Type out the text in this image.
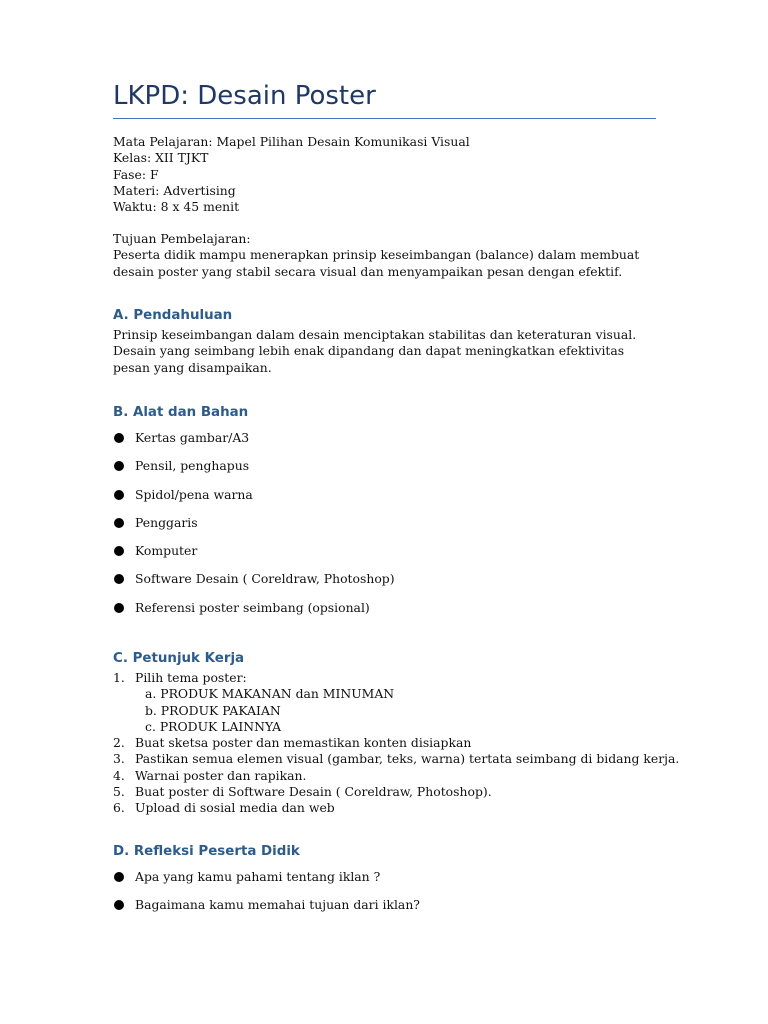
LKPD: Desain Poster
Mata Pelajaran: Mapel Pilihan Desain Komunikasi Visual
Kelas: XII TJKT
Fase: F
Materi: Advertising
Waktu: 8 x 45 menit
Tujuan Pembelajaran:
Peserta didik mampu menerapkan prinsip keseimbangan (balance) dalam membuat desain poster yang stabil secara visual dan menyampaikan pesan dengan efektif.
A. Pendahuluan
Prinsip keseimbangan dalam desain menciptakan stabilitas dan keteraturan visual. Desain yang seimbang lebih enak dipandang dan dapat meningkatkan efektivitas pesan yang disampaikan.
B. Alat dan Bahan
Kertas gambar/A3
Pensil, penghapus
Spidol/pena warna
Penggaris
Komputer
Software Desain ( Coreldraw, Photoshop)
Referensi poster seimbang (opsional)
C. Petunjuk Kerja
1. Pilih tema poster:
a. PRODUK MAKANAN dan MINUMAN
b. PRODUK PAKAIAN
c. PRODUK LAINNYA
2. Buat sketsa poster dan memastikan konten disiapkan
3. Pastikan semua elemen visual (gambar, teks, warna) tertata seimbang di bidang kerja.
4. Warnai poster dan rapikan.
5. Buat poster di Software Desain ( Coreldraw, Photoshop).
6. Upload di sosial media dan web
D. Refleksi Peserta Didik
Apa yang kamu pahami tentang iklan ?
Bagaimana kamu memahai tujuan dari iklan?
